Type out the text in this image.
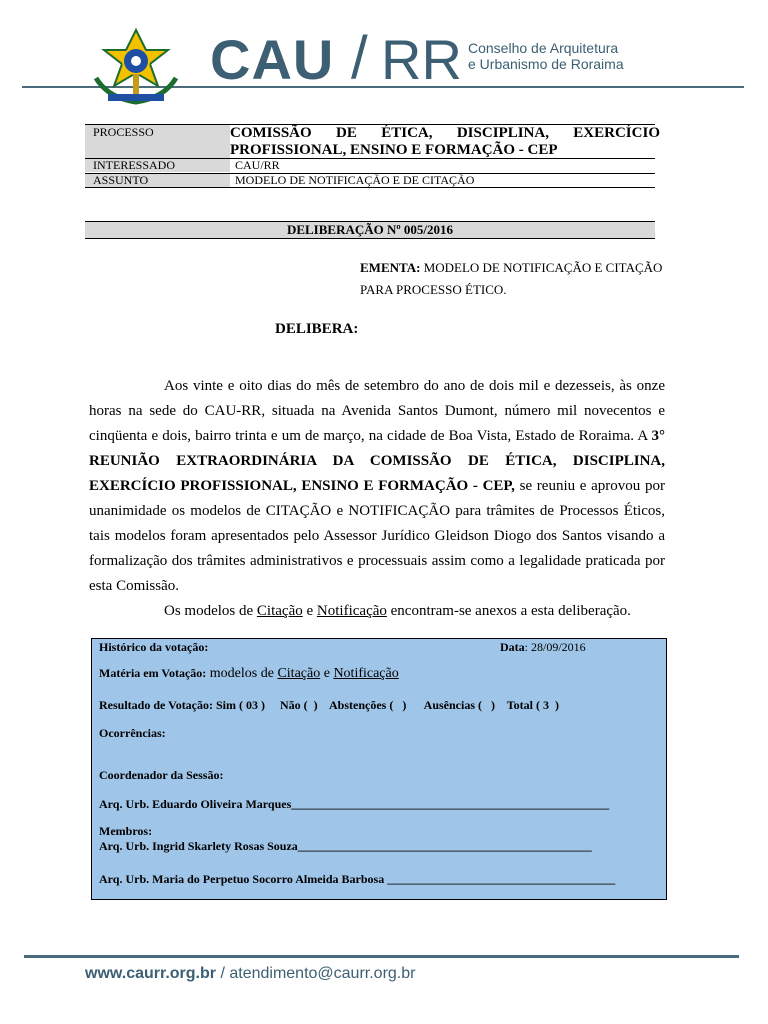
CAU / RR Conselho de Arquitetura
e Urbanismo de Roraima
PROCESSO	COMISSÃO DE ÉTICA, DISCIPLINA, EXERCÍCIO PROFISSIONAL, ENSINO E FORMAÇÃO - CEP
INTERESSADO	CAU/RR
ASSUNTO	MODELO DE NOTIFICAÇÃO E DE CITAÇÃO
DELIBERAÇÃO Nº 005/2016
EMENTA: MODELO DE NOTIFICAÇÃO E CITAÇÃO PARA PROCESSO ÉTICO.
DELIBERA:

Aos vinte e oito dias do mês de setembro do ano de dois mil e dezesseis, às onze horas na sede do CAU-RR, situada na Avenida Santos Dumont, número mil novecentos e cinqüenta e dois, bairro trinta e um de março, na cidade de Boa Vista, Estado de Roraima. A 3° REUNIÃO EXTRAORDINÁRIA DA COMISSÃO DE ÉTICA, DISCIPLINA, EXERCÍCIO PROFISSIONAL, ENSINO E FORMAÇÃO - CEP, se reuniu e aprovou por unanimidade os modelos de CITAÇÃO e NOTIFICAÇÃO para trâmites de Processos Éticos, tais modelos foram apresentados pelo Assessor Jurídico Gleidson Diogo dos Santos visando a formalização dos trâmites administrativos e processuais assim como a legalidade praticada por esta Comissão.

Os modelos de Citação e Notificação encontram-se anexos a esta deliberação.

Histórico da votação:	Data: 28/09/2016
Matéria em Votação: modelos de Citação e Notificação
Resultado de Votação: Sim ( 03 )     Não (  )    Abstenções (   )      Ausências (   )    Total ( 3  )
Ocorrências:
Coordenador da Sessão:
Arq. Urb. Eduardo Oliveira Marques_____________________________________________________
Membros:
Arq. Urb. Ingrid Skarlety Rosas Souza_________________________________________________
Arq. Urb. Maria do Perpetuo Socorro Almeida Barbosa ______________________________________
www.caurr.org.br / atendimento@caurr.org.br
